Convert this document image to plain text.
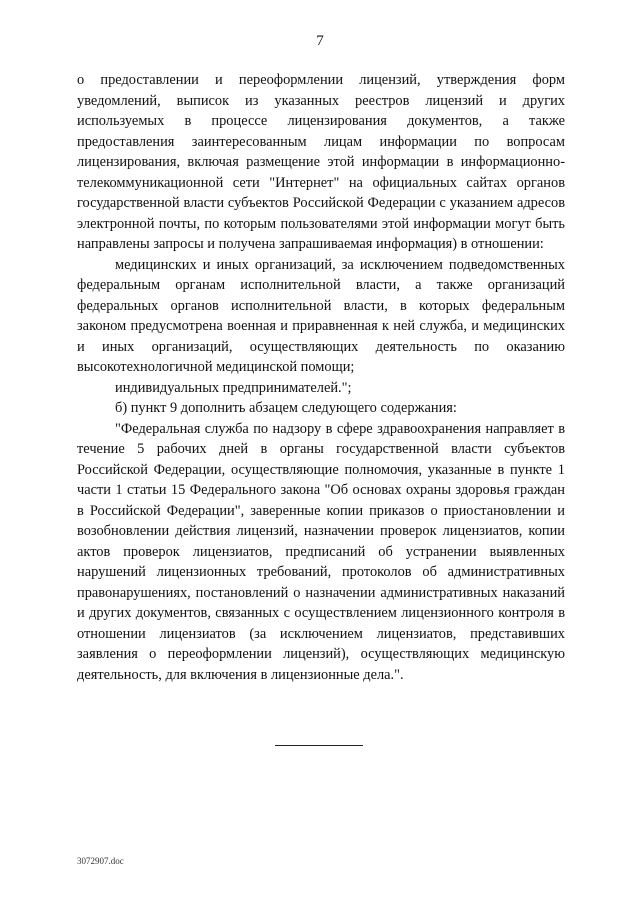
7

о предоставлении и переоформлении лицензий, утверждения форм уведомлений, выписок из указанных реестров лицензий и других используемых в процессе лицензирования документов, а также предоставления заинтересованным лицам информации по вопросам лицензирования, включая размещение этой информации в информационно-телекоммуникационной сети "Интернет" на официальных сайтах органов государственной власти субъектов Российской Федерации с указанием адресов электронной почты, по которым пользователями этой информации могут быть направлены запросы и получена запрашиваемая информация) в отношении:

медицинских и иных организаций, за исключением подведомственных федеральным органам исполнительной власти, а также организаций федеральных органов исполнительной власти, в которых федеральным законом предусмотрена военная и приравненная к ней служба, и медицинских и иных организаций, осуществляющих деятельность по оказанию высокотехнологичной медицинской помощи;

индивидуальных предпринимателей.";

б) пункт 9 дополнить абзацем следующего содержания:

"Федеральная служба по надзору в сфере здравоохранения направляет в течение 5 рабочих дней в органы государственной власти субъектов Российской Федерации, осуществляющие полномочия, указанные в пункте 1 части 1 статьи 15 Федерального закона "Об основах охраны здоровья граждан в Российской Федерации", заверенные копии приказов о приостановлении и возобновлении действия лицензий, назначении проверок лицензиатов, копии актов проверок лицензиатов, предписаний об устранении выявленных нарушений лицензионных требований, протоколов об административных правонарушениях, постановлений о назначении административных наказаний и других документов, связанных с осуществлением лицензионного контроля в отношении лицензиатов (за исключением лицензиатов, представивших заявления о переоформлении лицензий), осуществляющих медицинскую деятельность, для включения в лицензионные дела.".

3072907.doc
